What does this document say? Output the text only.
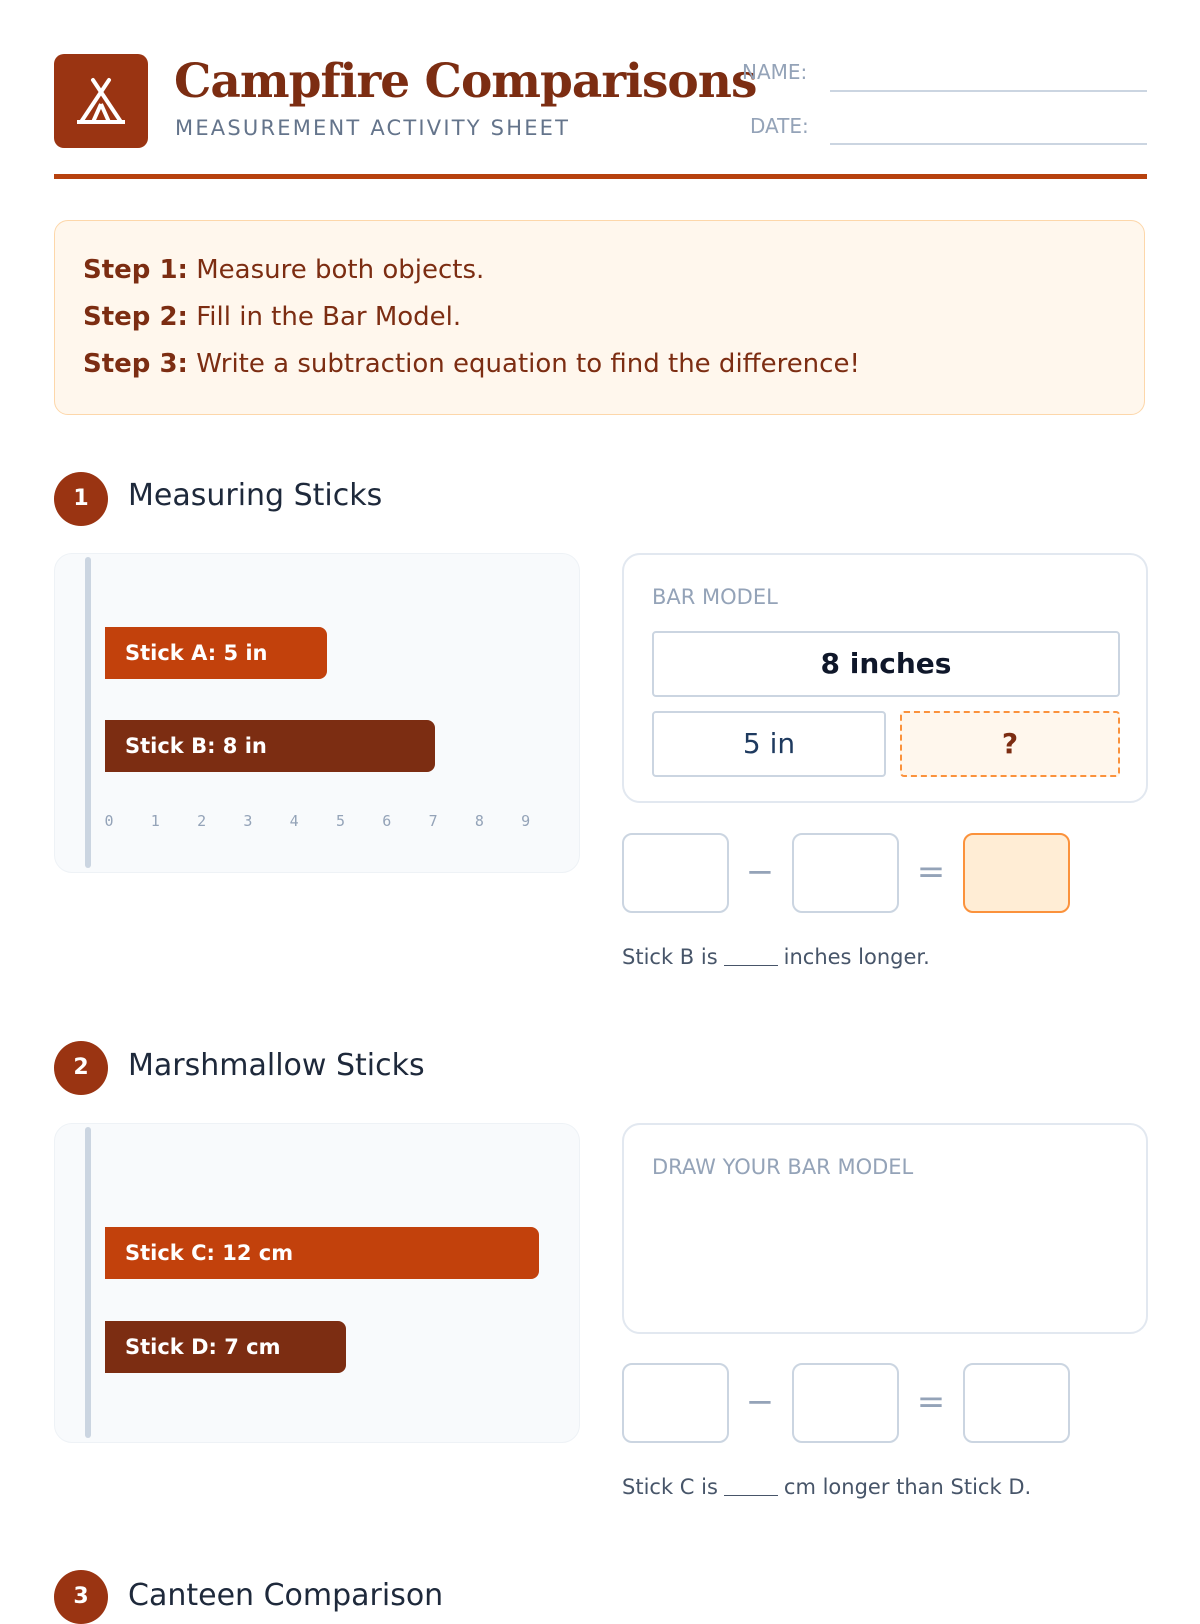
Campfire Comparisons
MEASUREMENT ACTIVITY SHEET
NAME:
DATE:
Step 1: Measure both objects.
Step 2: Fill in the Bar Model.
Step 3: Write a subtraction equation to find the difference!
1	Measuring Sticks
Stick A: 5 in
Stick B: 8 in
0 1 2 3 4 5 6 7 8 9
BAR MODEL
8 inches
5 in	?
−	=
Stick B is	inches longer.
2	Marshmallow Sticks
Stick C: 12 cm
Stick D: 7 cm
DRAW YOUR BAR MODEL
−	=
Stick C is	cm longer than Stick D.
3	Canteen Comparison
